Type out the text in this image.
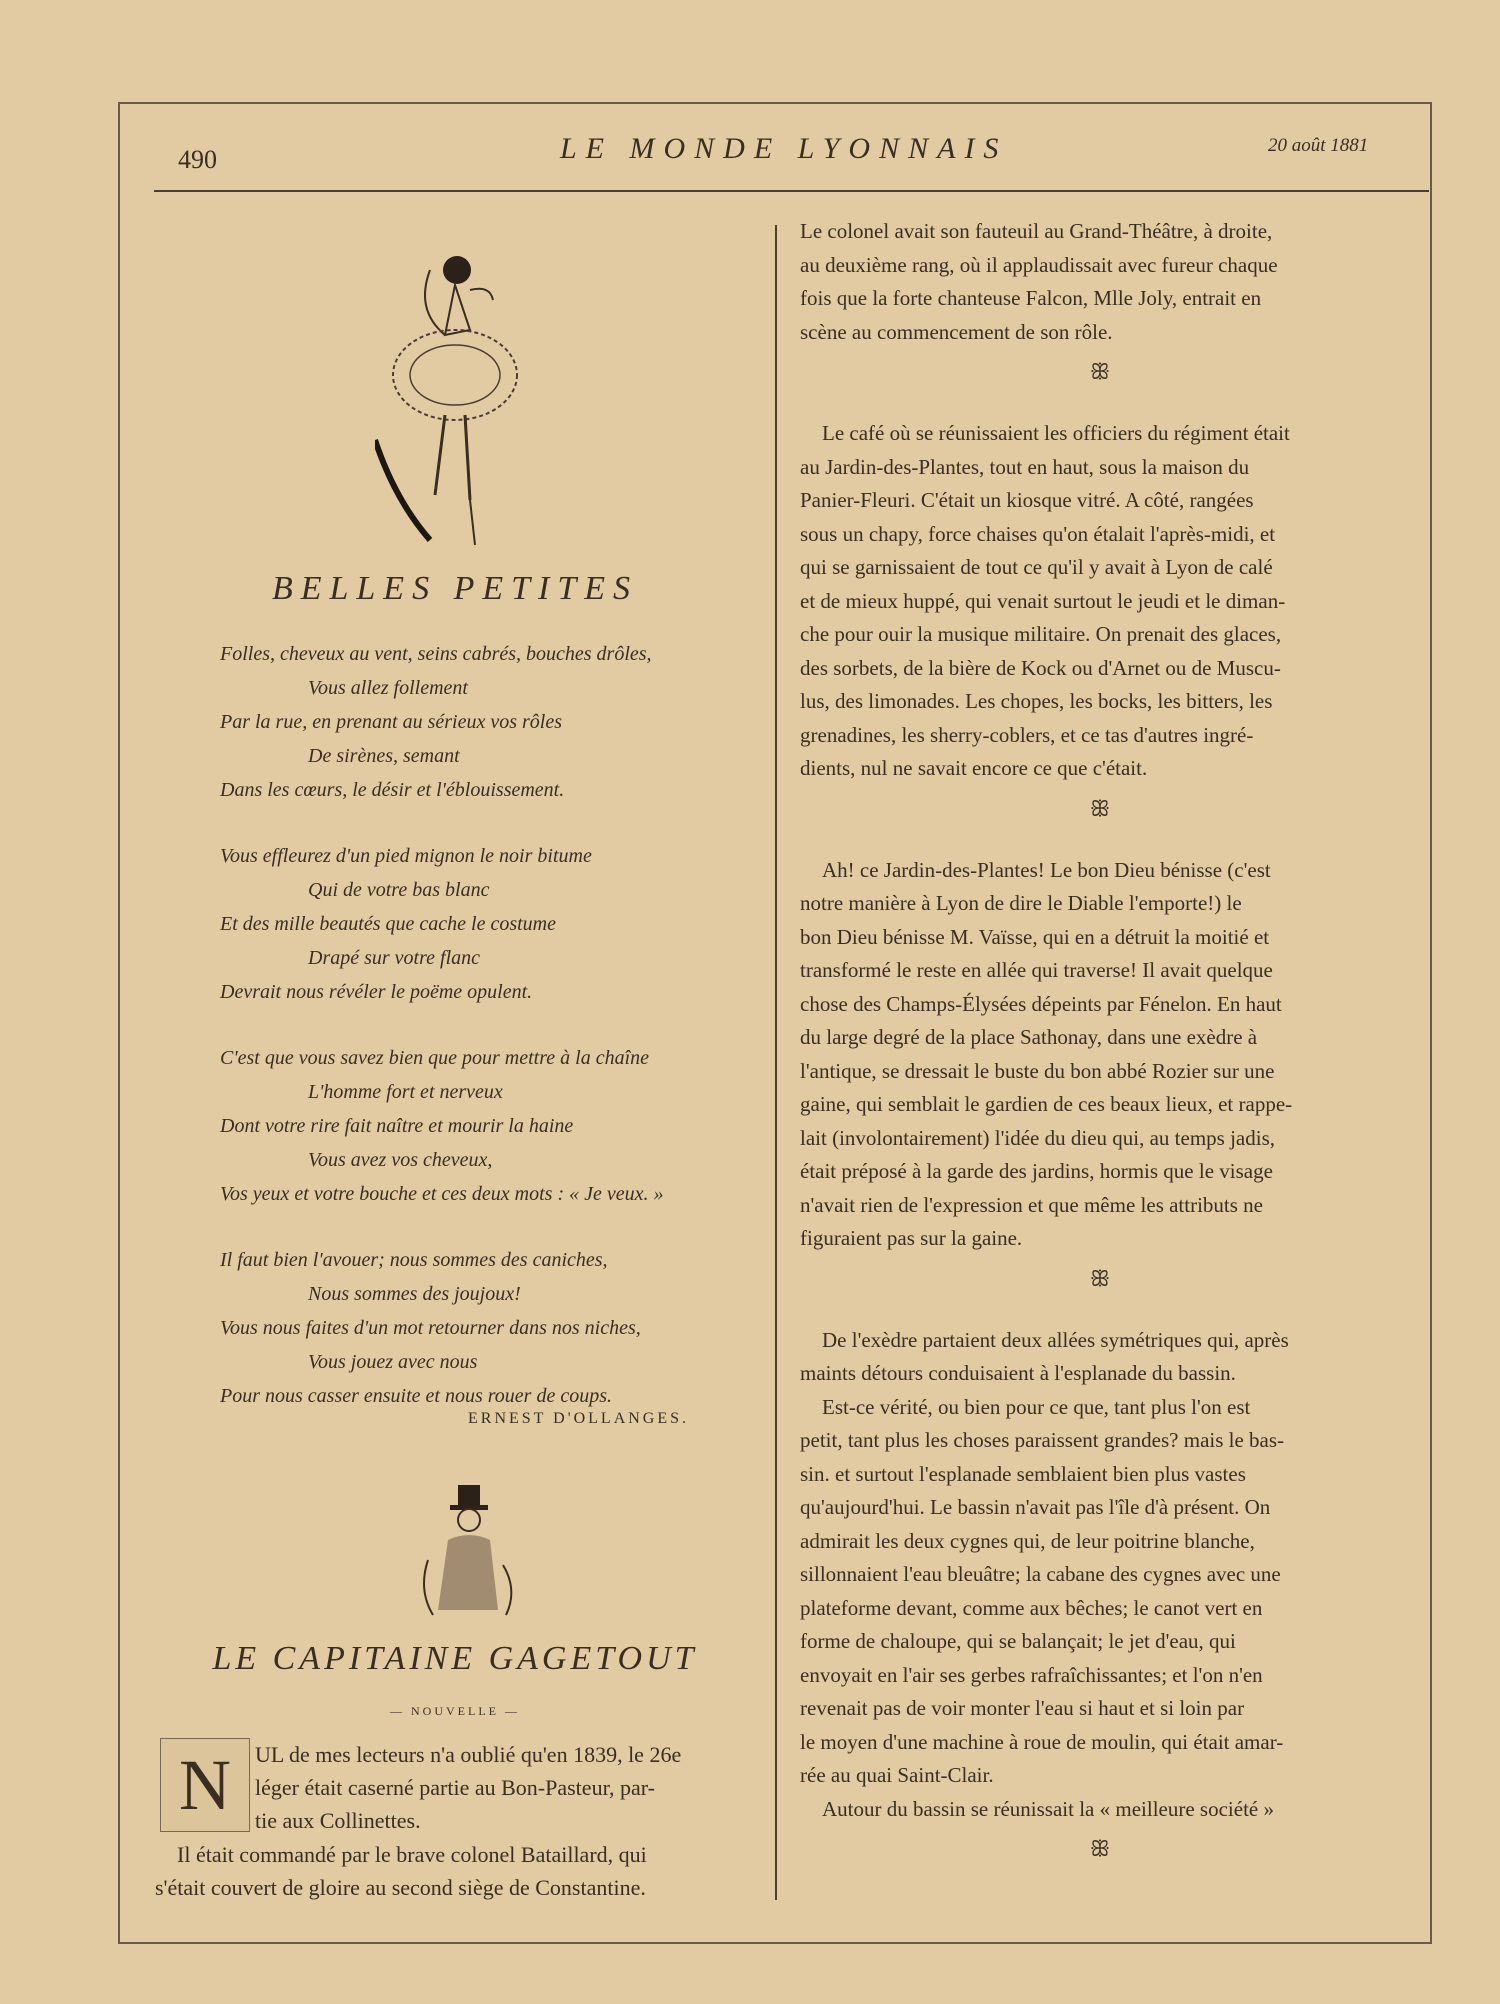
490	LE MONDE LYONNAIS	20 août 1881
BELLES PETITES
Folles, cheveux au vent, seins cabrés, bouches drôles,
Vous allez follement
Par la rue, en prenant au sérieux vos rôles
De sirènes, semant
Dans les cœurs, le désir et l'éblouissement.
Vous effleurez d'un pied mignon le noir bitume
Qui de votre bas blanc
Et des mille beautés que cache le costume
Drapé sur votre flanc
Devrait nous révéler le poëme opulent.
C'est que vous savez bien que pour mettre à la chaîne
L'homme fort et nerveux
Dont votre rire fait naître et mourir la haine
Vous avez vos cheveux,
Vos yeux et votre bouche et ces deux mots : « Je veux. »
Il faut bien l'avouer; nous sommes des caniches,
Nous sommes des joujoux!
Vous nous faites d'un mot retourner dans nos niches,
Vous jouez avec nous
Pour nous casser ensuite et nous rouer de coups.
ERNEST D'OLLANGES.
LE CAPITAINE GAGETOUT
— NOUVELLE —
N	UL de mes lecteurs n'a oublié qu'en 1839, le 26e
léger était caserné partie au Bon-Pasteur, par-
tie aux Collinettes.
Il était commandé par le brave colonel Bataillard, qui
s'était couvert de gloire au second siège de Constantine.
Le colonel avait son fauteuil au Grand-Théâtre, à droite,
au deuxième rang, où il applaudissait avec fureur chaque
fois que la forte chanteuse Falcon, Mlle Joly, entrait en
scène au commencement de son rôle.
ꕥ
Le café où se réunissaient les officiers du régiment était
au Jardin-des-Plantes, tout en haut, sous la maison du
Panier-Fleuri. C'était un kiosque vitré. A côté, rangées
sous un chapy, force chaises qu'on étalait l'après-midi, et
qui se garnissaient de tout ce qu'il y avait à Lyon de calé
et de mieux huppé, qui venait surtout le jeudi et le diman-
che pour ouir la musique militaire. On prenait des glaces,
des sorbets, de la bière de Kock ou d'Arnet ou de Muscu-
lus, des limonades. Les chopes, les bocks, les bitters, les
grenadines, les sherry-coblers, et ce tas d'autres ingré-
dients, nul ne savait encore ce que c'était.
ꕥ
Ah! ce Jardin-des-Plantes! Le bon Dieu bénisse (c'est
notre manière à Lyon de dire le Diable l'emporte!) le
bon Dieu bénisse M. Vaïsse, qui en a détruit la moitié et
transformé le reste en allée qui traverse! Il avait quelque
chose des Champs-Élysées dépeints par Fénelon. En haut
du large degré de la place Sathonay, dans une exèdre à
l'antique, se dressait le buste du bon abbé Rozier sur une
gaine, qui semblait le gardien de ces beaux lieux, et rappe-
lait (involontairement) l'idée du dieu qui, au temps jadis,
était préposé à la garde des jardins, hormis que le visage
n'avait rien de l'expression et que même les attributs ne
figuraient pas sur la gaine.
ꕥ
De l'exèdre partaient deux allées symétriques qui, après
maints détours conduisaient à l'esplanade du bassin.
Est-ce vérité, ou bien pour ce que, tant plus l'on est
petit, tant plus les choses paraissent grandes? mais le bas-
sin. et surtout l'esplanade semblaient bien plus vastes
qu'aujourd'hui. Le bassin n'avait pas l'île d'à présent. On
admirait les deux cygnes qui, de leur poitrine blanche,
sillonnaient l'eau bleuâtre; la cabane des cygnes avec une
plateforme devant, comme aux bêches; le canot vert en
forme de chaloupe, qui se balançait; le jet d'eau, qui
envoyait en l'air ses gerbes rafraîchissantes; et l'on n'en
revenait pas de voir monter l'eau si haut et si loin par
le moyen d'une machine à roue de moulin, qui était amar-
rée au quai Saint-Clair.
Autour du bassin se réunissait la « meilleure société »
ꕥ
